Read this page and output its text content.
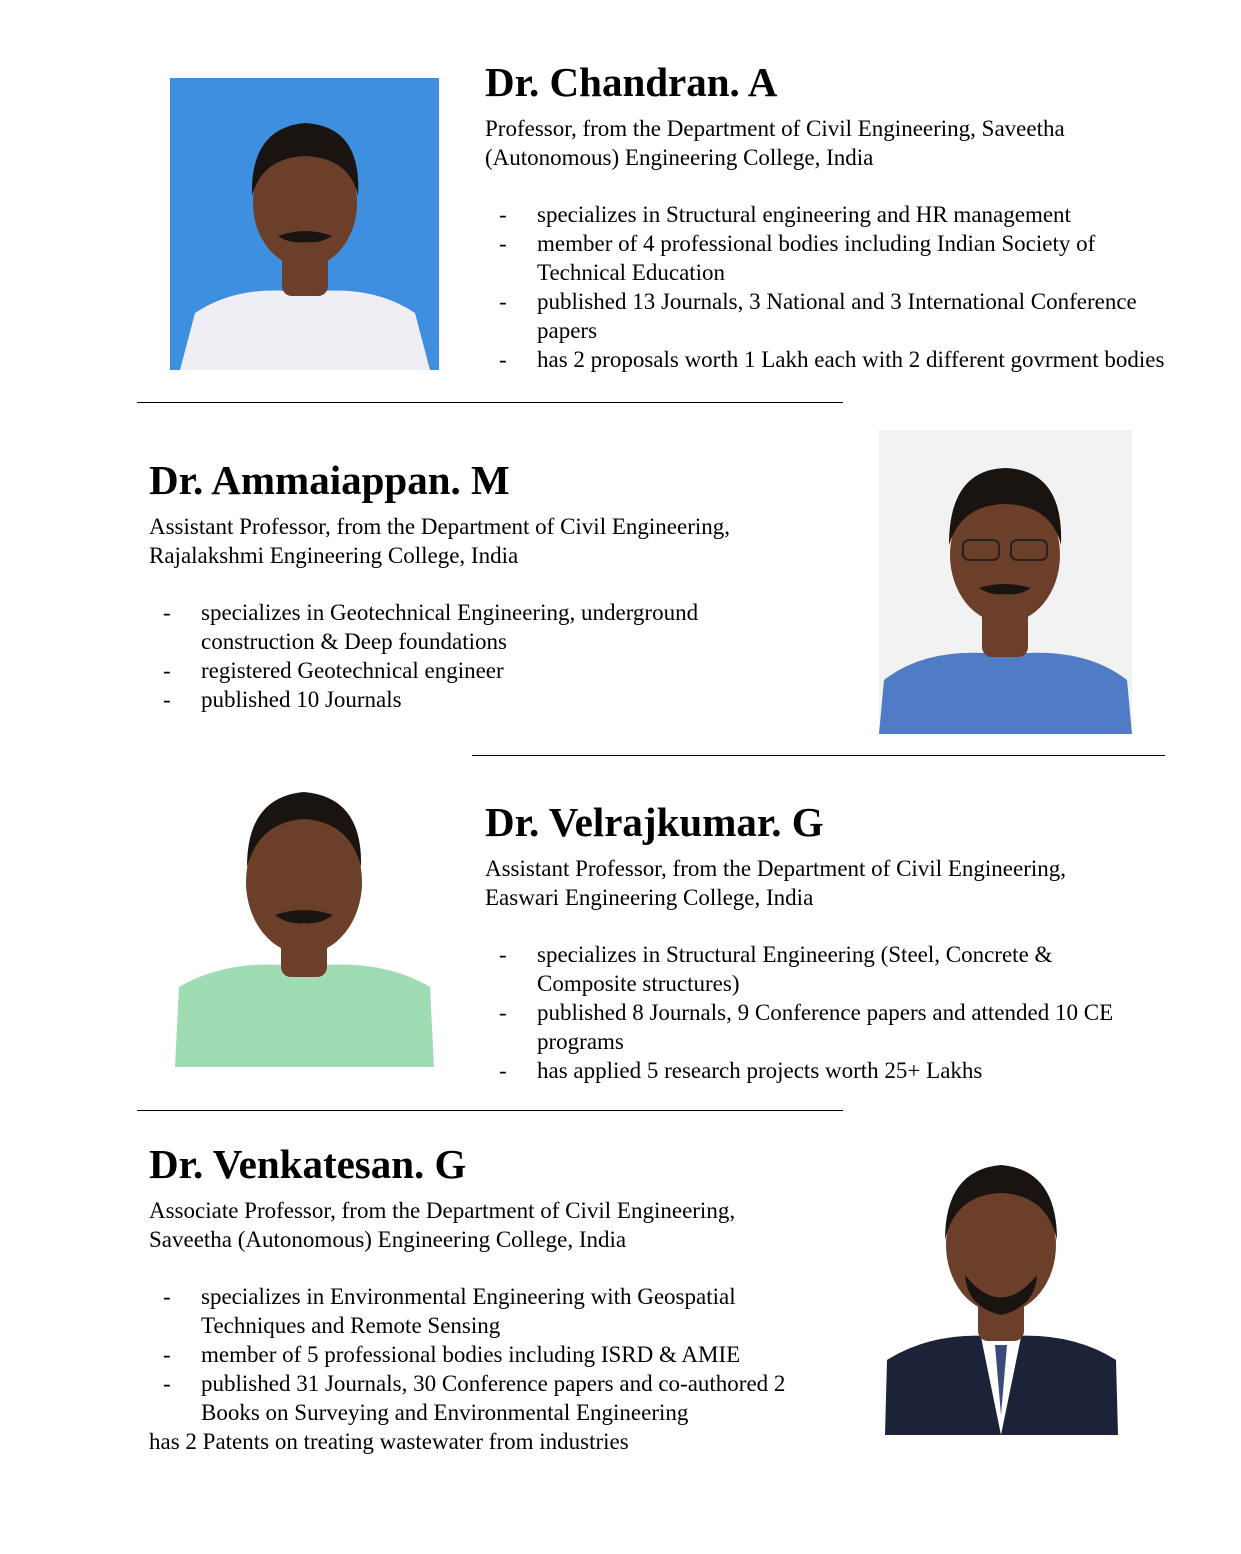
Dr. Chandran. A

Professor, from the Department of Civil Engineering, Saveetha (Autonomous) Engineering College, India

- specializes in Structural engineering and HR management
- member of 4 professional bodies including Indian Society of Technical Education
- published 13 Journals, 3 National and 3 International Conference papers
- has 2 proposals worth 1 Lakh each with 2 different govrment bodies
Dr. Ammaiappan. M

Assistant Professor, from the Department of Civil Engineering, Rajalakshmi Engineering College, India

- specializes in Geotechnical Engineering, underground construction & Deep foundations
- registered Geotechnical engineer
- published 10 Journals
Dr. Velrajkumar. G

Assistant Professor, from the Department of Civil Engineering, Easwari Engineering College, India

- specializes in Structural Engineering (Steel, Concrete & Composite structures)
- published 8 Journals, 9 Conference papers and attended 10 CE programs
- has applied 5 research projects worth 25+ Lakhs
Dr. Venkatesan. G

Associate Professor, from the Department of Civil Engineering, Saveetha (Autonomous) Engineering College, India

- specializes in Environmental Engineering with Geospatial Techniques and Remote Sensing
- member of 5 professional bodies including ISRD & AMIE
- published 31 Journals, 30 Conference papers and co-authored 2 Books on Surveying and Environmental Engineering

has 2 Patents on treating wastewater from industries
